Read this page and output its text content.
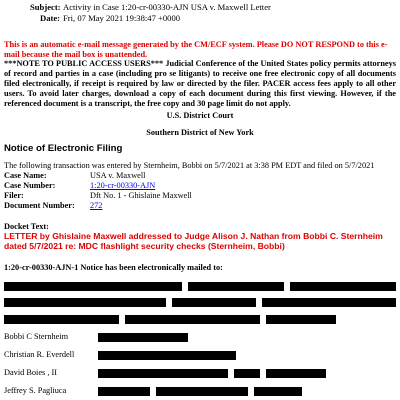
Subject: Activity in Case 1:20-cr-00330-AJN USA v. Maxwell Letter
Date: Fri, 07 May 2021 19:38:47 +0000
This is an automatic e-mail message generated by the CM/ECF system. Please DO NOT RESPOND to this e-mail because the mail box is unattended.
***NOTE TO PUBLIC ACCESS USERS*** Judicial Conference of the United States policy permits attorneys of record and parties in a case (including pro se litigants) to receive one free electronic copy of all documents filed electronically, if receipt is required by law or directed by the filer. PACER access fees apply to all other users. To avoid later charges, download a copy of each document during this first viewing. However, if the referenced document is a transcript, the free copy and 30 page limit do not apply.
U.S. District Court
Southern District of New York
Notice of Electronic Filing
The following transaction was entered by Sternheim, Bobbi on 5/7/2021 at 3:38 PM EDT and filed on 5/7/2021
Case Name:	USA v. Maxwell
Case Number:	1:20-cr-00330-AJN
Filer:	Dft No. 1 - Ghislaine Maxwell
Document Number: 272
Docket Text:
LETTER by Ghislaine Maxwell addressed to Judge Alison J. Nathan from Bobbi C. Sternheim dated 5/7/2021 re: MDC flashlight security checks (Sternheim, Bobbi)
1:20-cr-00330-AJN-1 Notice has been electronically mailed to:
Bobbi C Sternheim
Christian R. Everdell
David Boies , II
Jeffrey S. Pagliuca
